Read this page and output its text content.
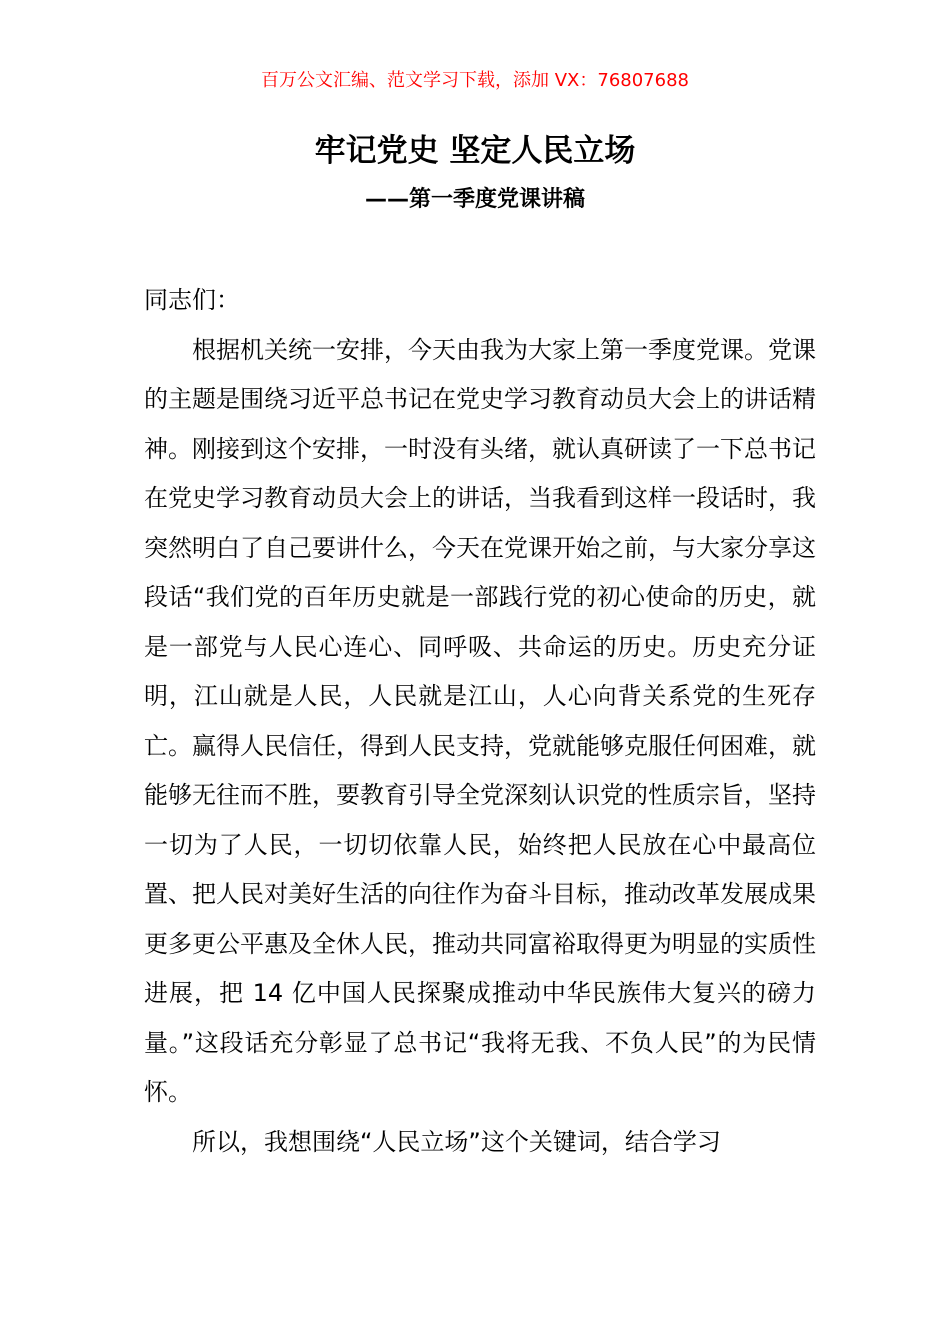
百万公文汇编、范文学习下载，添加 VX：76807688
牢记党史 坚定人民立场
——第一季度党课讲稿

同志们：

根据机关统一安排，今天由我为大家上第一季度党课。党课的主题是围绕习近平总书记在党史学习教育动员大会上的讲话精神。刚接到这个安排，一时没有头绪，就认真研读了一下总书记在党史学习教育动员大会上的讲话，当我看到这样一段话时，我突然明白了自己要讲什么，今天在党课开始之前，与大家分享这段话“我们党的百年历史就是一部践行党的初心使命的历史，就是一部党与人民心连心、同呼吸、共命运的历史。历史充分证明，江山就是人民，人民就是江山，人心向背关系党的生死存亡。赢得人民信任，得到人民支持，党就能够克服任何困难，就能够无往而不胜，要教育引导全党深刻认识党的性质宗旨，坚持一切为了人民，一切切依靠人民，始终把人民放在心中最高位置、把人民对美好生活的向往作为奋斗目标，推动改革发展成果更多更公平惠及全休人民，推动共同富裕取得更为明显的实质性进展，把 14 亿中国人民探聚成推动中华民族伟大复兴的磅力量。”这段话充分彰显了总书记“我将无我、不负人民”的为民情怀。

所以，我想围绕“人民立场”这个关键词，结合学习
